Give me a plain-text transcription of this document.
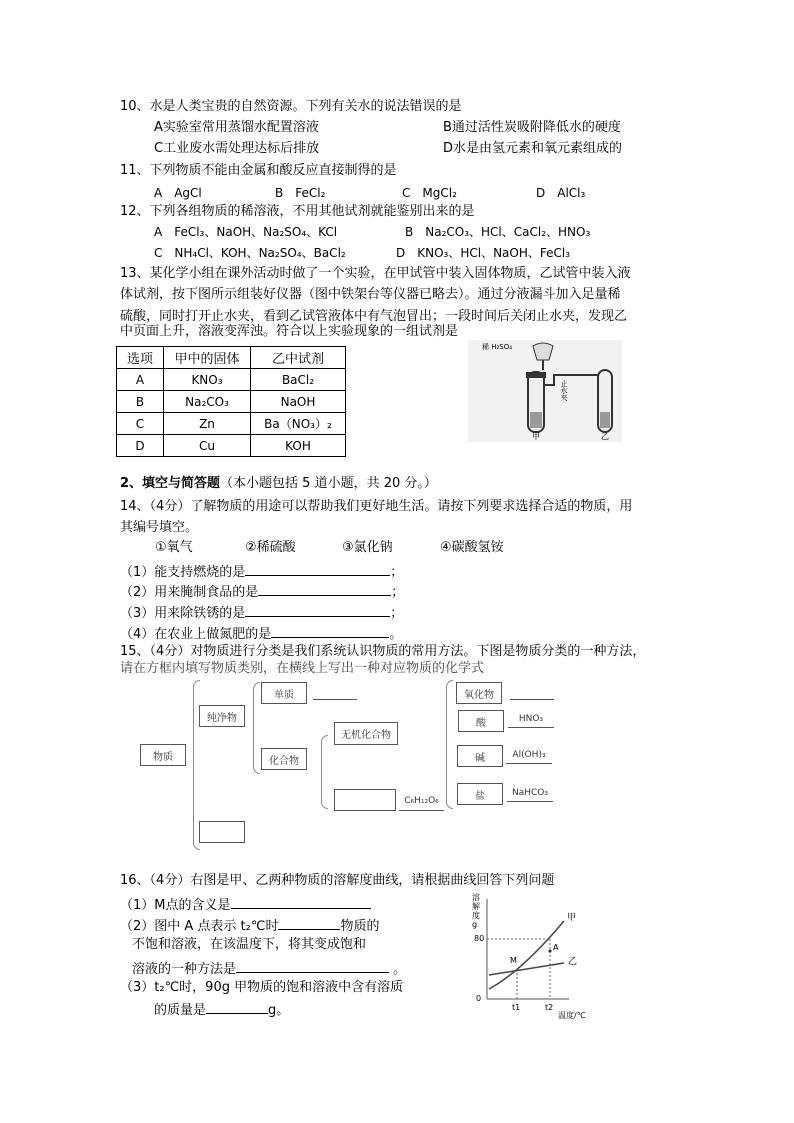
10、水是人类宝贵的自然资源。下列有关水的说法错误的是
A实验室常用蒸馏水配置溶液	B通过活性炭吸附降低水的硬度
C工业废水需处理达标后排放	D水是由氢元素和氧元素组成的
11、下列物质不能由金属和酸反应直接制得的是
A　AgCl	B　FeCl₂	C　MgCl₂	D　AlCl₃
12、下列各组物质的稀溶液，不用其他试剂就能鉴别出来的是
A　FeCl₃、NaOH、Na₂SO₄、KCl	B　Na₂CO₃、HCl、CaCl₂、HNO₃
C　NH₄Cl、KOH、Na₂SO₄、BaCl₂	D　KNO₃、HCl、NaOH、FeCl₃
13、某化学小组在课外活动时做了一个实验，在甲试管中装入固体物质，乙试管中装入液
体试剂，按下图所示组装好仪器（图中铁架台等仪器已略去）。通过分液漏斗加入足量稀
硫酸，同时打开止水夹，看到乙试管液体中有气泡冒出；一段时间后关闭止水夹，发现乙
中页面上升，溶液变浑浊。符合以上实验现象的一组试剂是
选项	甲中的固体	乙中试剂
A	KNO₃	BaCl₂
B	Na₂CO₃	NaOH
C	Zn	Ba（NO₃）₂
D	Cu	KOH
稀 H₂SO₄
止水夹
甲	乙
2、填空与简答题（本小题包括 5 道小题，共 20 分。）
14、（4分）了解物质的用途可以帮助我们更好地生活。请按下列要求选择合适的物质，用
其编号填空。
①氧气	②稀硫酸	③氯化钠	④碳酸氢铵
（1）能支持燃烧的是	；
（2）用来腌制食品的是	；
（3）用来除铁锈的是	；
（4）在农业上做氮肥的是	。
15、（4分）对物质进行分类是我们系统认识物质的常用方法。下图是物质分类的一种方法，
请在方框内填写物质类别，在横线上写出一种对应物质的化学式
物质
纯净物
单质
化合物
无机化合物
C₆H₁₂O₆
氧化物
酸	HNO₃
碱	Al(OH)₃
盐	NaHCO₃
16、（4分）右图是甲、乙两种物质的溶解度曲线，请根据曲线回答下列问题
（1）M点的含义是
（2）图中 A 点表示 t₂℃时	物质的
不饱和溶液，在该温度下，将其变成饱和
溶液的一种方法是	。
（3）t₂℃时，90g 甲物质的饱和溶液中含有溶质
的质量是	g。
溶解度g
80
0
t1	t2
温度/℃
甲
乙
M
A
